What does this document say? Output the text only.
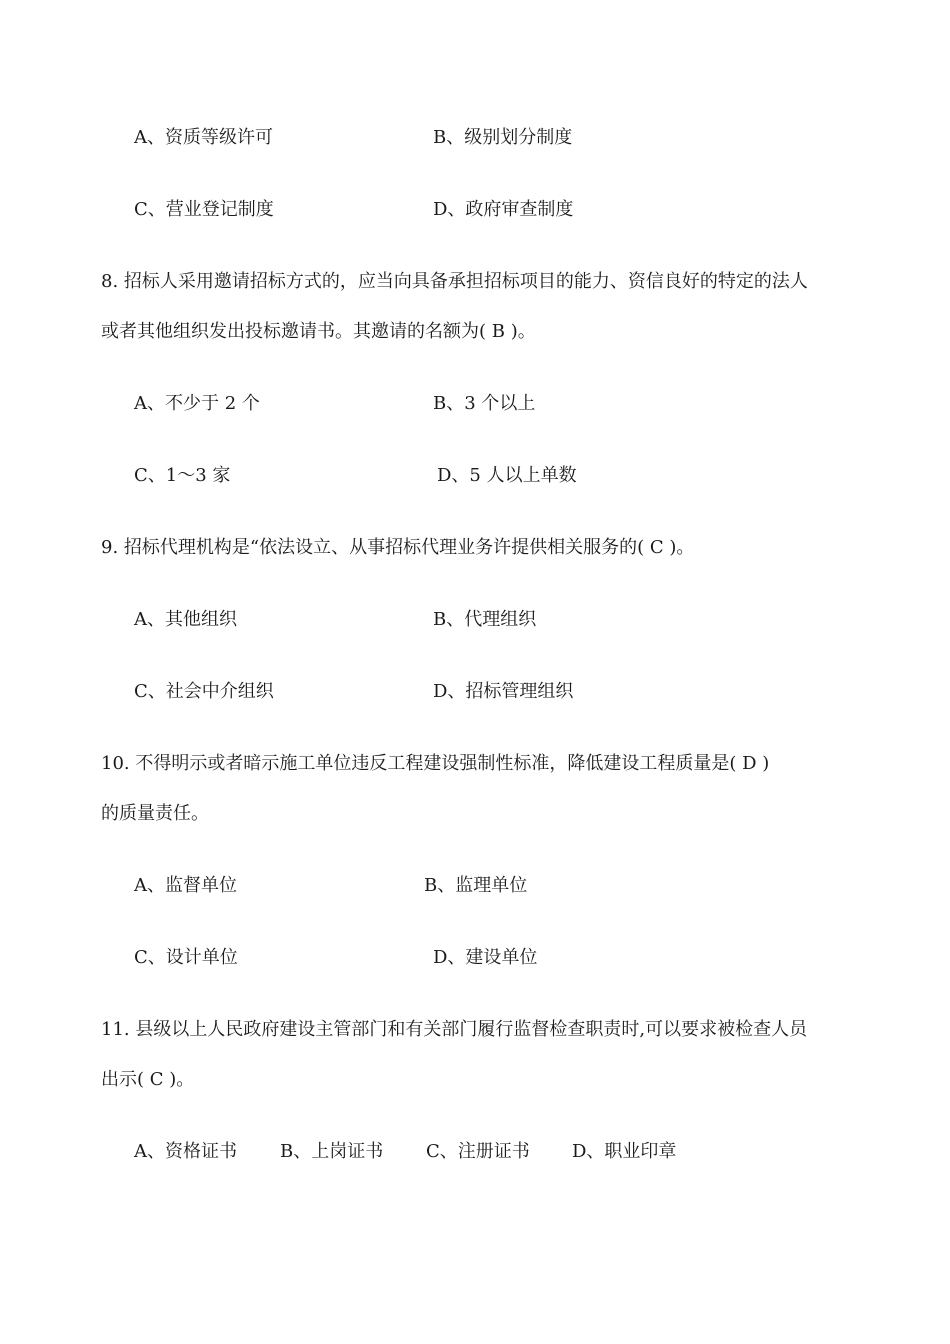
A、资质等级许可	B、级别划分制度
C、营业登记制度	D、政府审查制度
8. 招标人采用邀请招标方式的，应当向具备承担招标项目的能力、资信良好的特定的法人
或者其他组织发出投标邀请书。其邀请的名额为( B )。
A、不少于 2 个	B、3 个以上
C、1～3 家	D、5 人以上单数
9. 招标代理机构是“依法设立、从事招标代理业务许提供相关服务的( C )。
A、其他组织	B、代理组织
C、社会中介组织	D、招标管理组织
10. 不得明示或者暗示施工单位违反工程建设强制性标准，降低建设工程质量是( D )
的质量责任。
A、监督单位	B、监理单位
C、设计单位	D、建设单位
11. 县级以上人民政府建设主管部门和有关部门履行监督检查职责时,可以要求被检查人员
出示( C )。
A、资格证书 B、上岗证书 C、注册证书 D、职业印章
